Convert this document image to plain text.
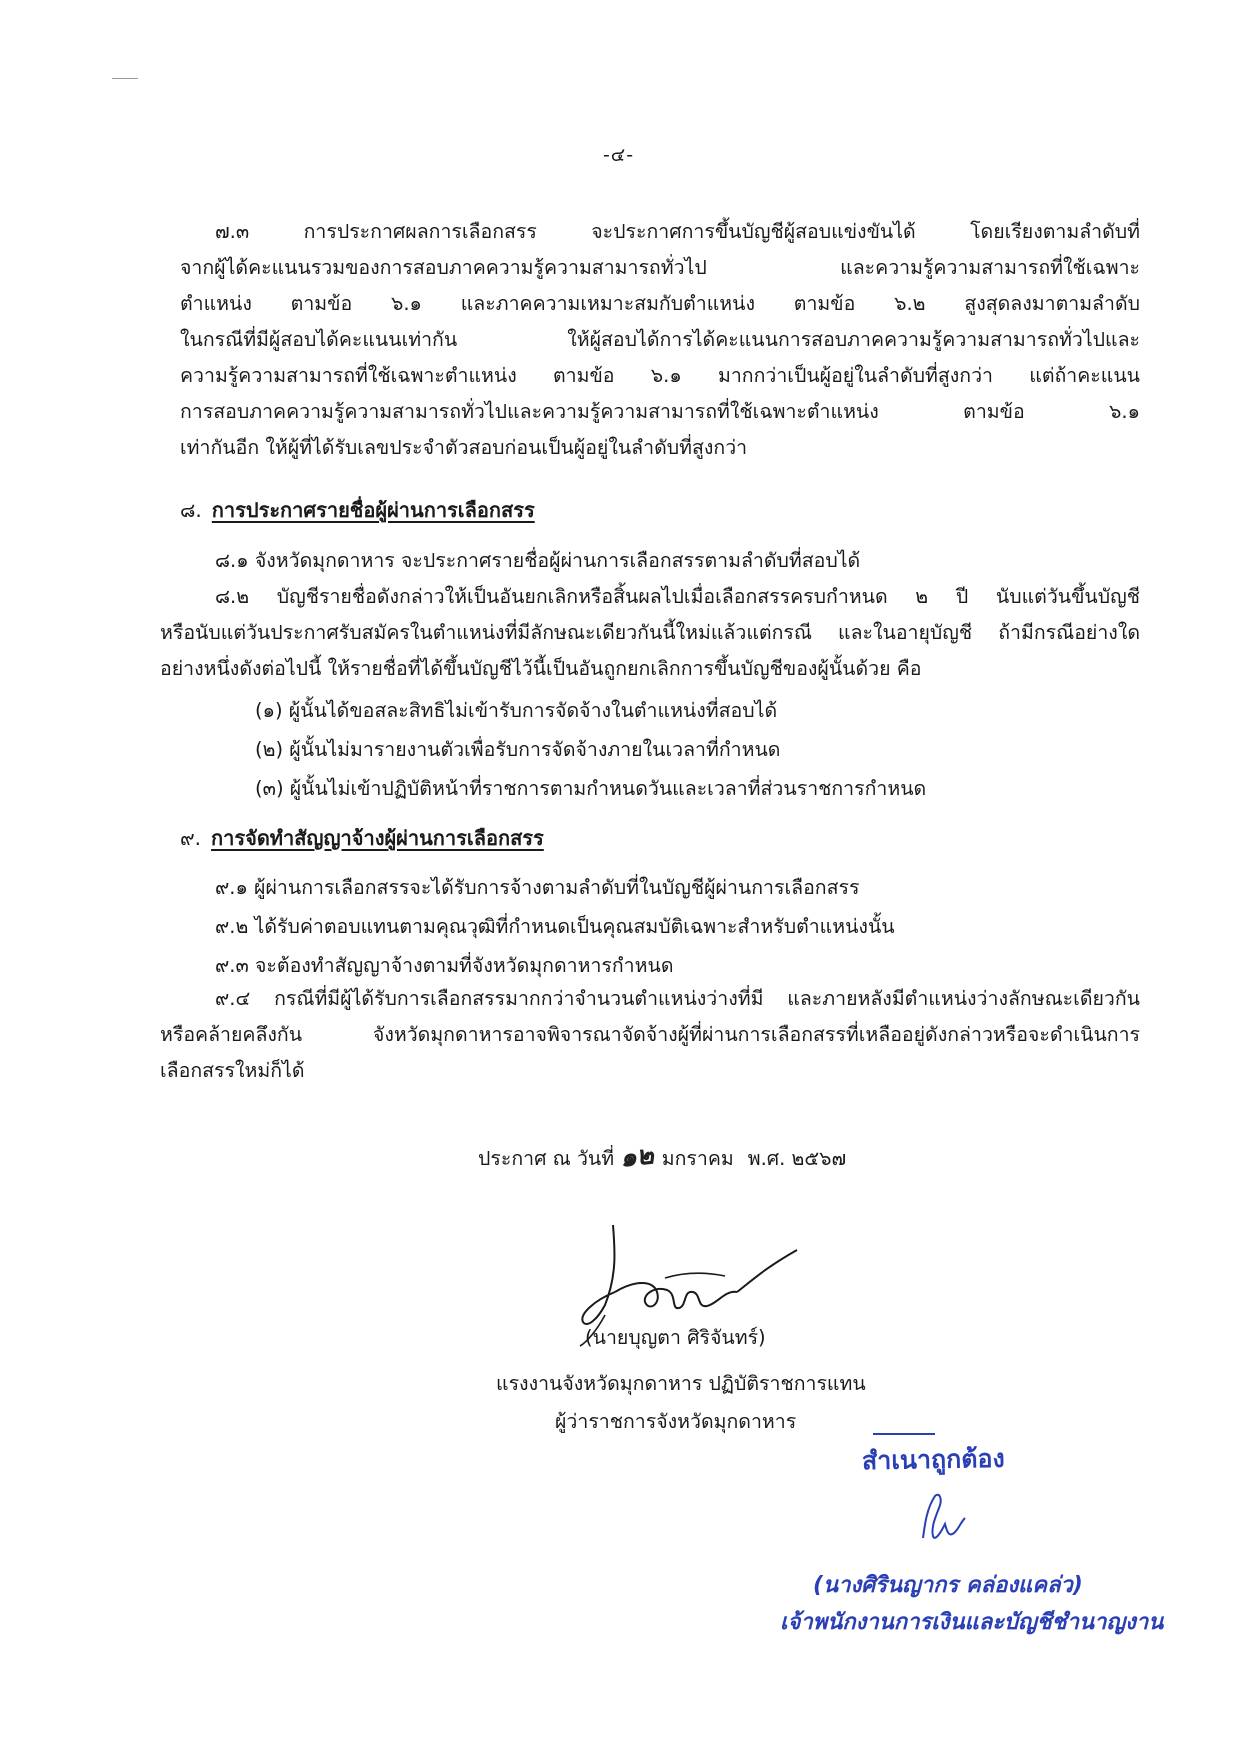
-๔-
๗.๓ การประกาศผลการเลือกสรร จะประกาศการขึ้นบัญชีผู้สอบแข่งขันได้ โดยเรียงตามลำดับที่
จากผู้ได้คะแนนรวมของการสอบภาคความรู้ความสามารถทั่วไป และความรู้ความสามารถที่ใช้เฉพาะ
ตำแหน่ง ตามข้อ ๖.๑ และภาคความเหมาะสมกับตำแหน่ง ตามข้อ ๖.๒ สูงสุดลงมาตามลำดับ
ในกรณีที่มีผู้สอบได้คะแนนเท่ากัน ให้ผู้สอบได้การได้คะแนนการสอบภาคความรู้ความสามารถทั่วไปและ
ความรู้ความสามารถที่ใช้เฉพาะตำแหน่ง ตามข้อ ๖.๑ มากกว่าเป็นผู้อยู่ในลำดับที่สูงกว่า แต่ถ้าคะแนน
การสอบภาคความรู้ความสามารถทั่วไปและความรู้ความสามารถที่ใช้เฉพาะตำแหน่ง ตามข้อ ๖.๑
เท่ากันอีก ให้ผู้ที่ได้รับเลขประจำตัวสอบก่อนเป็นผู้อยู่ในลำดับที่สูงกว่า
๘. การประกาศรายชื่อผู้ผ่านการเลือกสรร
๘.๑ จังหวัดมุกดาหาร จะประกาศรายชื่อผู้ผ่านการเลือกสรรตามลำดับที่สอบได้
๘.๒ บัญชีรายชื่อดังกล่าวให้เป็นอันยกเลิกหรือสิ้นผลไปเมื่อเลือกสรรครบกำหนด ๒ ปี นับแต่วันขึ้นบัญชี
หรือนับแต่วันประกาศรับสมัครในตำแหน่งที่มีลักษณะเดียวกันนี้ใหม่แล้วแต่กรณี และในอายุบัญชี ถ้ามีกรณีอย่างใด
อย่างหนึ่งดังต่อไปนี้ ให้รายชื่อที่ได้ขึ้นบัญชีไว้นี้เป็นอันถูกยกเลิกการขึ้นบัญชีของผู้นั้นด้วย คือ
(๑) ผู้นั้นได้ขอสละสิทธิไม่เข้ารับการจัดจ้างในตำแหน่งที่สอบได้
(๒) ผู้นั้นไม่มารายงานตัวเพื่อรับการจัดจ้างภายในเวลาที่กำหนด
(๓) ผู้นั้นไม่เข้าปฏิบัติหน้าที่ราชการตามกำหนดวันและเวลาที่ส่วนราชการกำหนด
๙. การจัดทำสัญญาจ้างผู้ผ่านการเลือกสรร
๙.๑ ผู้ผ่านการเลือกสรรจะได้รับการจ้างตามลำดับที่ในบัญชีผู้ผ่านการเลือกสรร
๙.๒ ได้รับค่าตอบแทนตามคุณวุฒิที่กำหนดเป็นคุณสมบัติเฉพาะสำหรับตำแหน่งนั้น
๙.๓ จะต้องทำสัญญาจ้างตามที่จังหวัดมุกดาหารกำหนด
๙.๔ กรณีที่มีผู้ได้รับการเลือกสรรมากกว่าจำนวนตำแหน่งว่างที่มี และภายหลังมีตำแหน่งว่างลักษณะเดียวกัน
หรือคล้ายคลึงกัน จังหวัดมุกดาหารอาจพิจารณาจัดจ้างผู้ที่ผ่านการเลือกสรรที่เหลืออยู่ดังกล่าวหรือจะดำเนินการ
เลือกสรรใหม่ก็ได้
ประกาศ ณ วันที่ ๑๒ มกราคม พ.ศ. ๒๕๖๗
(นายบุญตา ศิริจันทร์)
แรงงานจังหวัดมุกดาหาร ปฏิบัติราชการแทน
ผู้ว่าราชการจังหวัดมุกดาหาร
สำเนาถูกต้อง
(นางศิรินญากร คล่องแคล่ว)
เจ้าพนักงานการเงินและบัญชีชำนาญงาน
